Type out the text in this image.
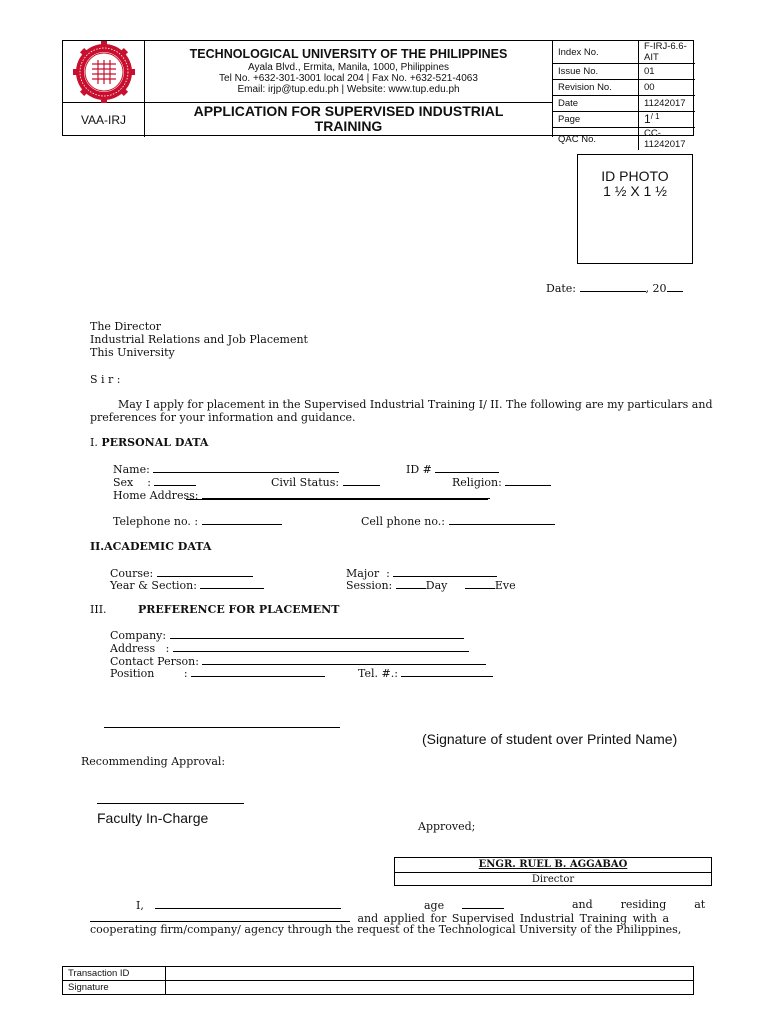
VAA-IRJ
TECHNOLOGICAL UNIVERSITY OF THE PHILIPPINES
Ayala Blvd., Ermita, Manila, 1000, Philippines
Tel No. +632-301-3001 local 204 | Fax No. +632-521-4063
Email: irjp@tup.edu.ph | Website: www.tup.edu.ph
APPLICATION FOR SUPERVISED INDUSTRIAL
TRAINING
Index No.	F-IRJ-6.6-AIT
Issue No.	01
Revision No.	00
Date	11242017
Page	$1^{/ 1}$
QAC No.	CC-11242017
ID PHOTO
1 ½ X 1 ½
Date:	, 20
The Director
Industrial Relations and Job Placement
This University
S i r :
May I apply for placement in the Supervised Industrial Training I/ II. The following are my particulars and
preferences for your information and guidance.
I. PERSONAL DATA
Name:	ID #
Sex    :	Civil Status:	Religion:
Home Address:
Telephone no. :	Cell phone no.:
II.ACADEMIC DATA
Course:	Major  :
Year & Section:	Session:	Day	Eve
III.	PREFERENCE FOR PLACEMENT
Company:
Address   :
Contact Person:
Position	:	Tel. #.:
(Signature of student over Printed Name)
Recommending Approval:
Faculty In-Charge
Approved;
ENGR. RUEL B. AGGABAO
Director
I,	age	and        residing        at
and applied for Supervised Industrial Training with a
cooperating firm/company/ agency through the request of the Technological University of the Philippines,
Transaction ID	
Signature	
